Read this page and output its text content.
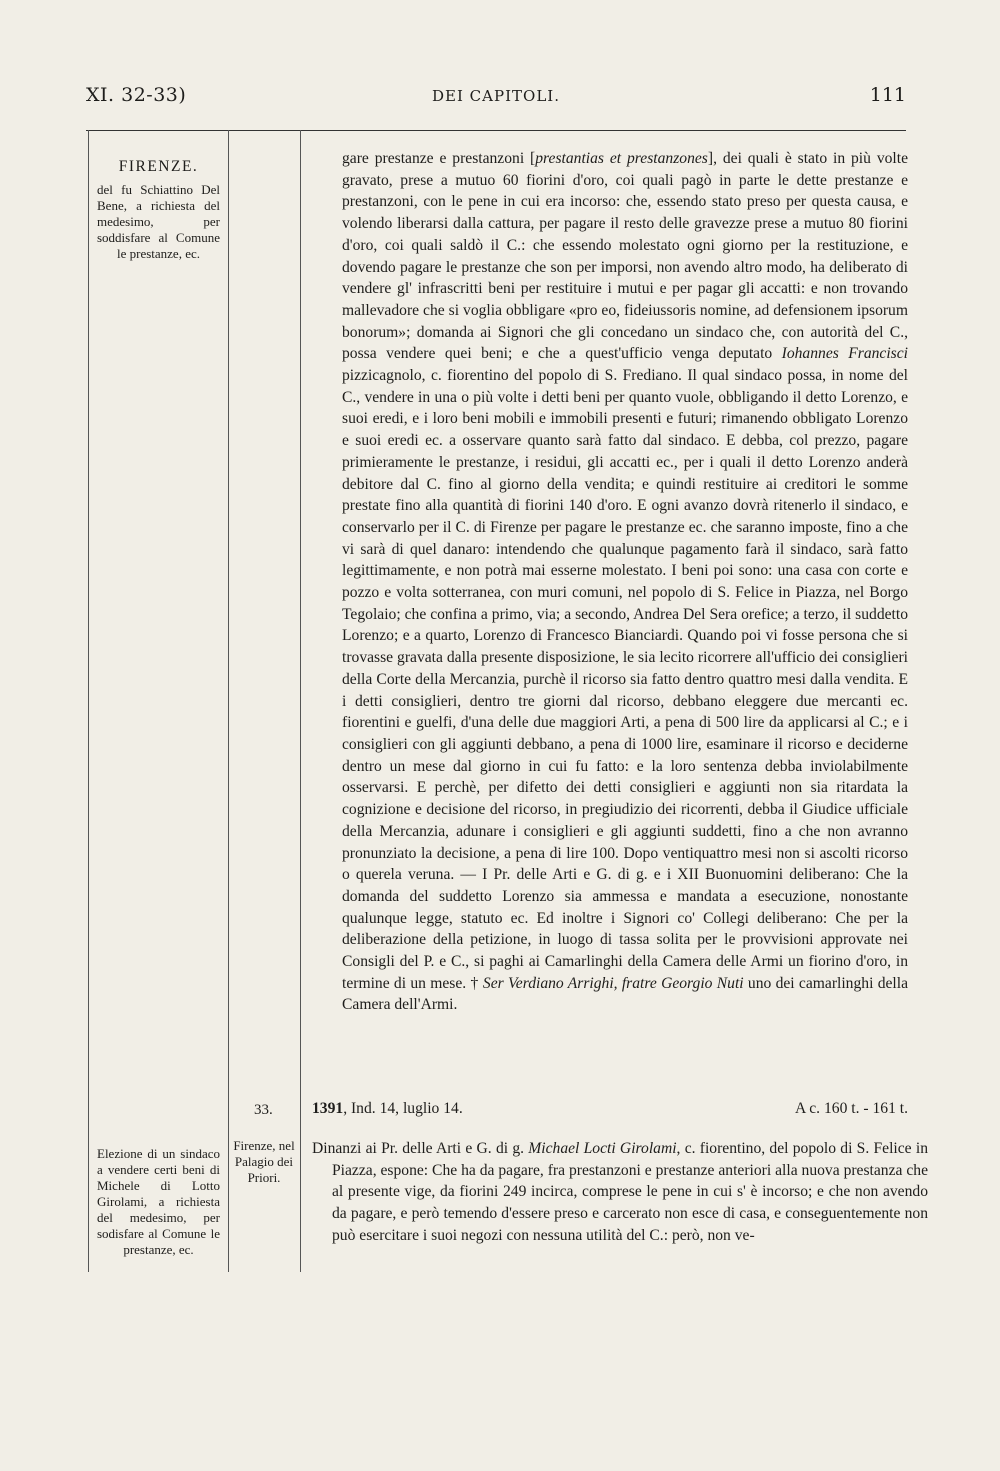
XI. 32-33)	DEI CAPITOLI.	111
FIRENZE.
del fu Schiattino Del Bene, a richiesta del medesimo, per soddisfare al Comune le prestanze, ec.

gare prestanze e prestanzoni [prestantias et prestanzones], dei quali è stato in più volte gravato, prese a mutuo 60 fiorini d'oro, coi quali pagò in parte le dette prestanze e prestanzoni, con le pene in cui era incorso: che, essendo stato preso per questa causa, e volendo liberarsi dalla cattura, per pagare il resto delle gravezze prese a mutuo 80 fiorini d'oro, coi quali saldò il C.: che essendo molestato ogni giorno per la restituzione, e dovendo pagare le prestanze che son per imporsi, non avendo altro modo, ha deliberato di vendere gl' infrascritti beni per restituire i mutui e per pagar gli accatti: e non trovando mallevadore che si voglia obbligare «pro eo, fideiussoris nomine, ad defensionem ipsorum bonorum»; domanda ai Signori che gli concedano un sindaco che, con autorità del C., possa vendere quei beni; e che a quest'ufficio venga deputato Iohannes Francisci pizzicagnolo, c. fiorentino del popolo di S. Frediano. Il qual sindaco possa, in nome del C., vendere in una o più volte i detti beni per quanto vuole, obbligando il detto Lorenzo, e suoi eredi, e i loro beni mobili e immobili presenti e futuri; rimanendo obbligato Lorenzo e suoi eredi ec. a osservare quanto sarà fatto dal sindaco. E debba, col prezzo, pagare primieramente le prestanze, i residui, gli accatti ec., per i quali il detto Lorenzo anderà debitore dal C. fino al giorno della vendita; e quindi restituire ai creditori le somme prestate fino alla quantità di fiorini 140 d'oro. E ogni avanzo dovrà ritenerlo il sindaco, e conservarlo per il C. di Firenze per pagare le prestanze ec. che saranno imposte, fino a che vi sarà di quel danaro: intendendo che qualunque pagamento farà il sindaco, sarà fatto legittimamente, e non potrà mai esserne molestato. I beni poi sono: una casa con corte e pozzo e volta sotterranea, con muri comuni, nel popolo di S. Felice in Piazza, nel Borgo Tegolaio; che confina a primo, via; a secondo, Andrea Del Sera orefice; a terzo, il suddetto Lorenzo; e a quarto, Lorenzo di Francesco Bianciardi. Quando poi vi fosse persona che si trovasse gravata dalla presente disposizione, le sia lecito ricorrere all'ufficio dei consiglieri della Corte della Mercanzia, purchè il ricorso sia fatto dentro quattro mesi dalla vendita. E i detti consiglieri, dentro tre giorni dal ricorso, debbano eleggere due mercanti ec. fiorentini e guelfi, d'una delle due maggiori Arti, a pena di 500 lire da applicarsi al C.; e i consiglieri con gli aggiunti debbano, a pena di 1000 lire, esaminare il ricorso e deciderne dentro un mese dal giorno in cui fu fatto: e la loro sentenza debba inviolabilmente osservarsi. E perchè, per difetto dei detti consiglieri e aggiunti non sia ritardata la cognizione e decisione del ricorso, in pregiudizio dei ricorrenti, debba il Giudice ufficiale della Mercanzia, adunare i consiglieri e gli aggiunti suddetti, fino a che non avranno pronunziato la decisione, a pena di lire 100. Dopo ventiquattro mesi non si ascolti ricorso o querela veruna. — I Pr. delle Arti e G. di g. e i XII Buonuomini deliberano: Che la domanda del suddetto Lorenzo sia ammessa e mandata a esecuzione, nonostante qualunque legge, statuto ec. Ed inoltre i Signori co' Collegi deliberano: Che per la deliberazione della petizione, in luogo di tassa solita per le provvisioni approvate nei Consigli del P. e C., si paghi ai Camarlinghi della Camera delle Armi un fiorino d'oro, in termine di un mese. † Ser Verdiano Arrighi, fratre Georgio Nuti uno dei camarlinghi della Camera dell'Armi.

33.	1391, Ind. 14, luglio 14.	A c. 160 t. - 161 t.
Firenze, nel Palagio dei Priori.
Elezione di un sindaco a vendere certi beni di Michele di Lotto Girolami, a richiesta del medesimo, per sodisfare al Comune le prestanze, ec.

Dinanzi ai Pr. delle Arti e G. di g. Michael Locti Girolami, c. fiorentino, del popolo di S. Felice in Piazza, espone: Che ha da pagare, fra prestanzoni e prestanze anteriori alla nuova prestanza che al presente vige, da fiorini 249 incirca, comprese le pene in cui s' è incorso; e che non avendo da pagare, e però temendo d'essere preso e carcerato non esce di casa, e conseguentemente non può esercitare i suoi negozi con nessuna utilità del C.: però, non ve-
